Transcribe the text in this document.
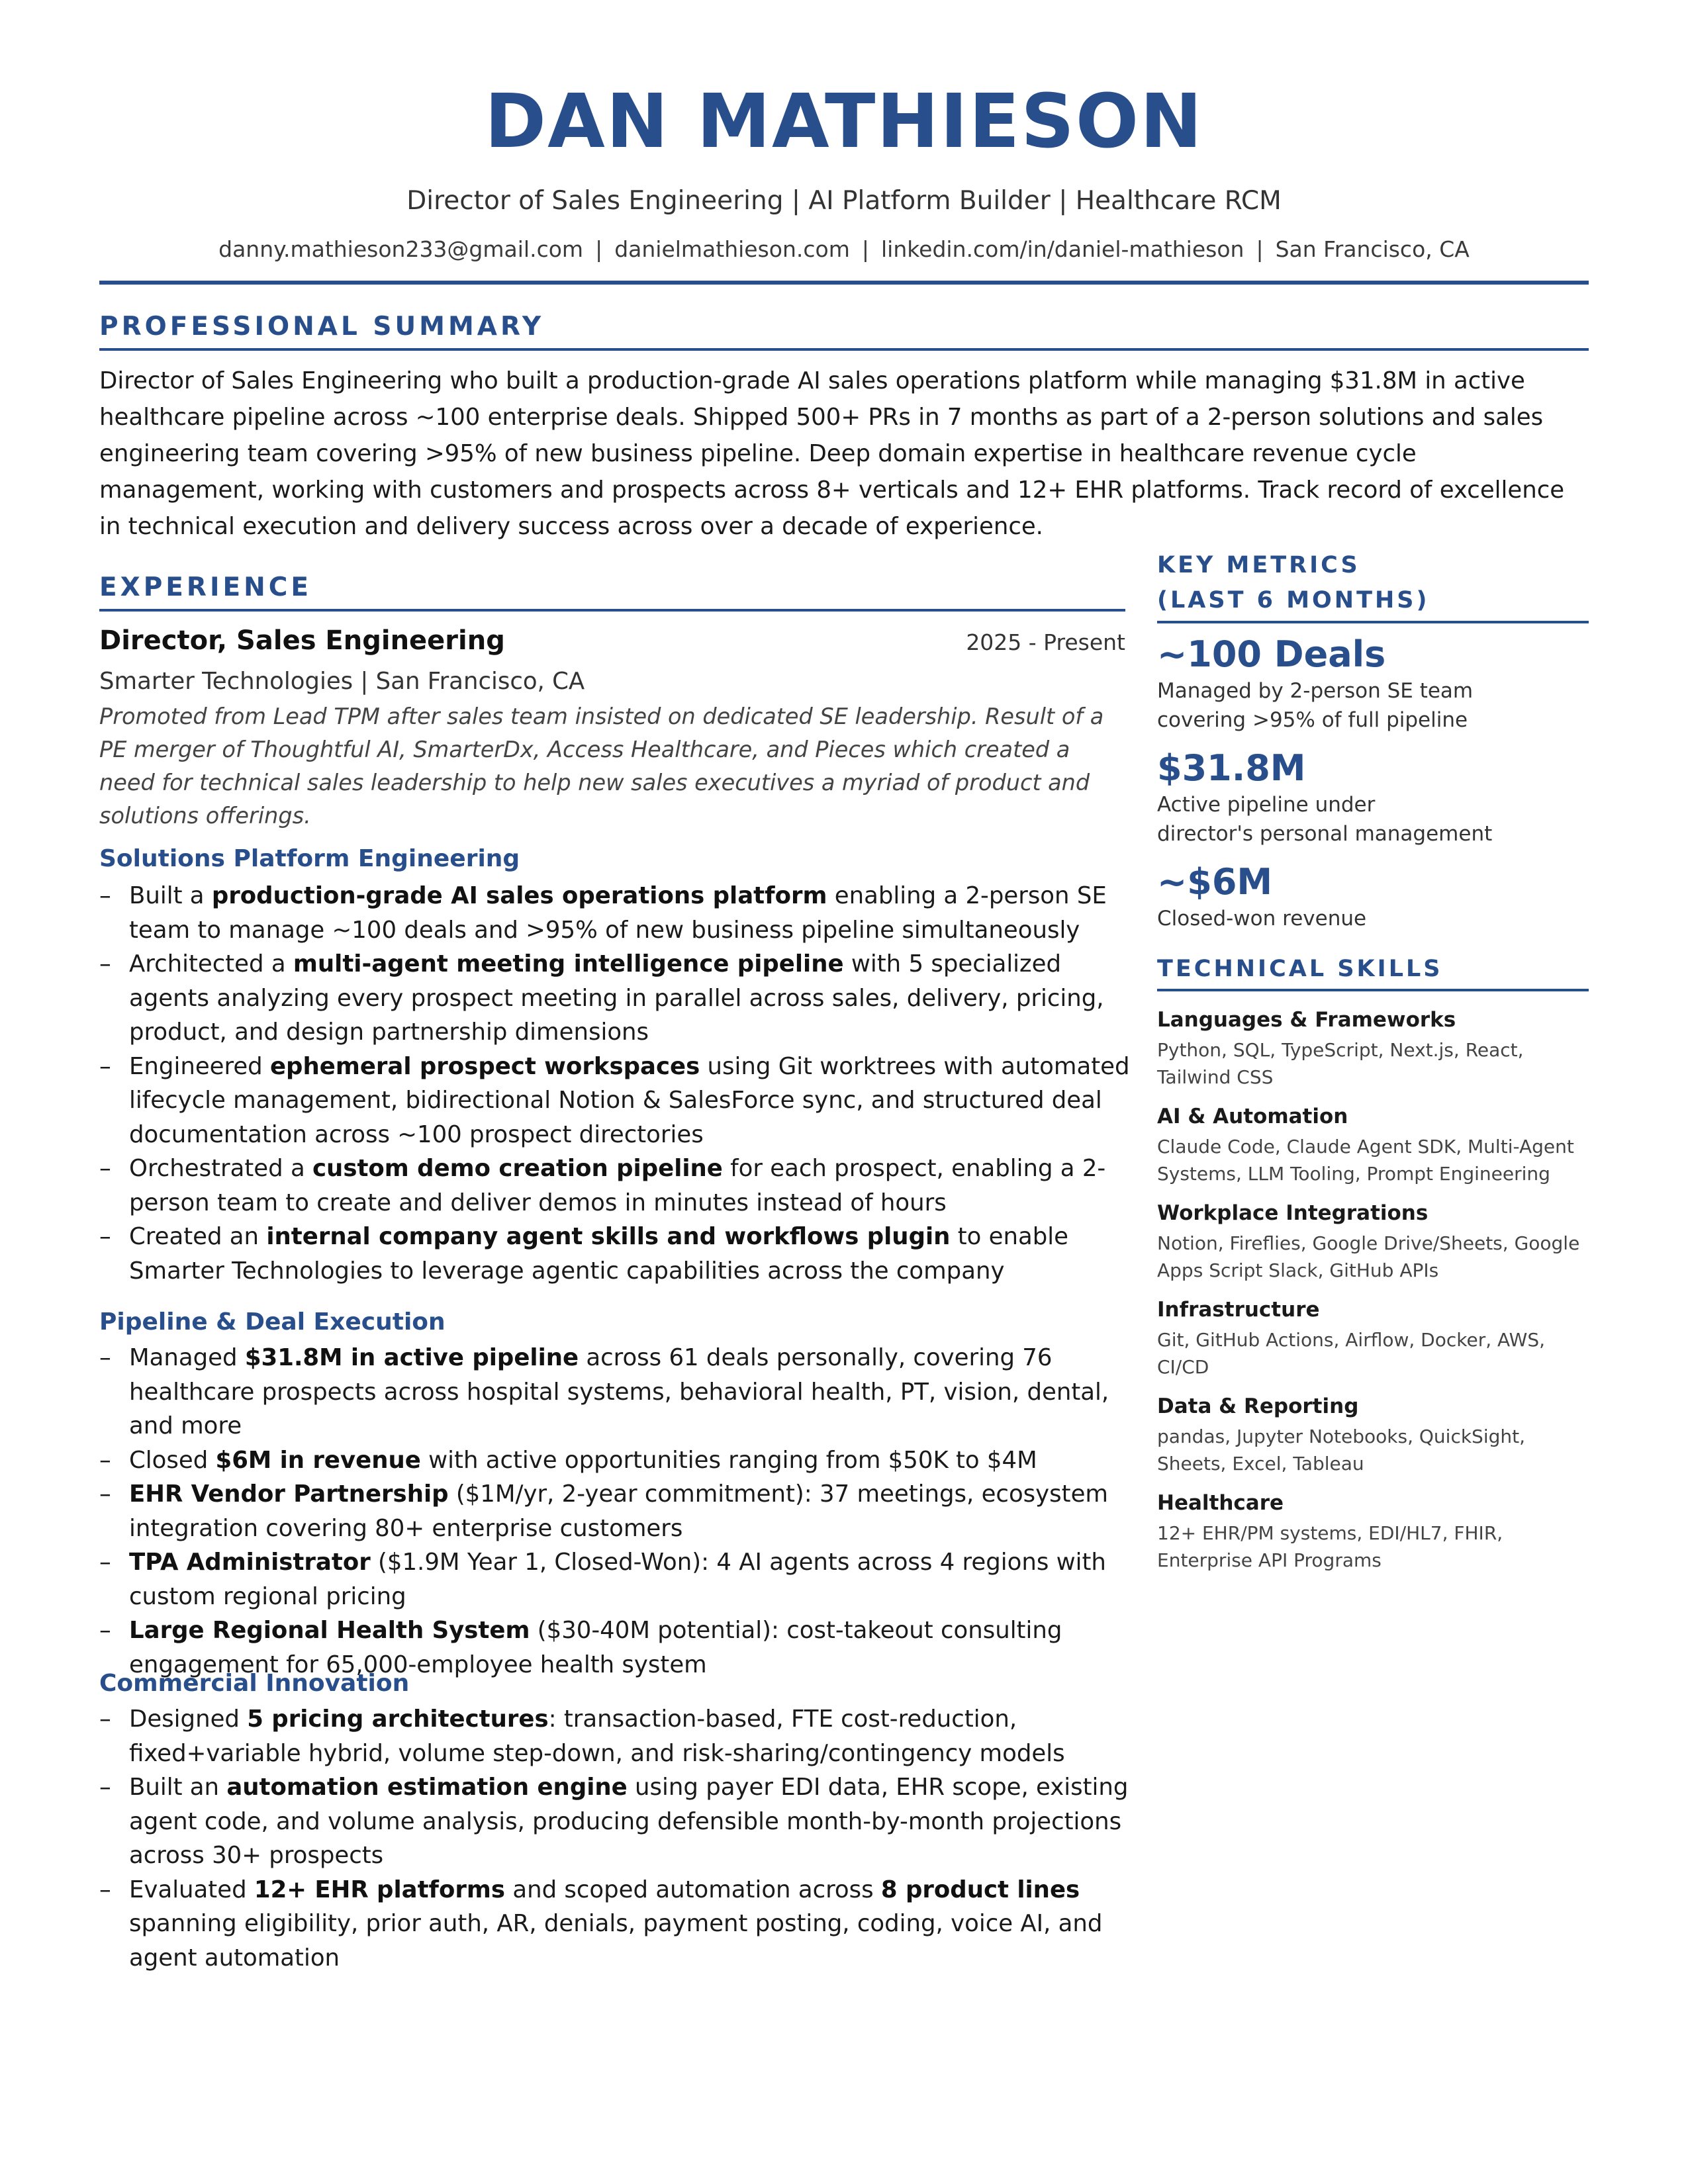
DAN MATHIESON
Director of Sales Engineering | AI Platform Builder | Healthcare RCM
danny.mathieson233@gmail.com | danielmathieson.com | linkedin.com/in/daniel-mathieson | San Francisco, CA
PROFESSIONAL SUMMARY
Director of Sales Engineering who built a production-grade AI sales operations platform while managing $31.8M in active healthcare pipeline across ~100 enterprise deals. Shipped 500+ PRs in 7 months as part of a 2-person solutions and sales engineering team covering >95% of new business pipeline. Deep domain expertise in healthcare revenue cycle management, working with customers and prospects across 8+ verticals and 12+ EHR platforms. Track record of excellence in technical execution and delivery success across over a decade of experience.
EXPERIENCE
Director, Sales Engineering	2025 - Present
Smarter Technologies | San Francisco, CA
Promoted from Lead TPM after sales team insisted on dedicated SE leadership. Result of a PE merger of Thoughtful AI, SmarterDx, Access Healthcare, and Pieces which created a need for technical sales leadership to help new sales executives a myriad of product and solutions offerings.
Solutions Platform Engineering
– Built a production-grade AI sales operations platform enabling a 2-person SE team to manage ~100 deals and >95% of new business pipeline simultaneously
– Architected a multi-agent meeting intelligence pipeline with 5 specialized agents analyzing every prospect meeting in parallel across sales, delivery, pricing, product, and design partnership dimensions
– Engineered ephemeral prospect workspaces using Git worktrees with automated lifecycle management, bidirectional Notion & SalesForce sync, and structured deal documentation across ~100 prospect directories
– Orchestrated a custom demo creation pipeline for each prospect, enabling a 2-person team to create and deliver demos in minutes instead of hours
– Created an internal company agent skills and workflows plugin to enable Smarter Technologies to leverage agentic capabilities across the company
Pipeline & Deal Execution
– Managed $31.8M in active pipeline across 61 deals personally, covering 76 healthcare prospects across hospital systems, behavioral health, PT, vision, dental, and more
– Closed $6M in revenue with active opportunities ranging from $50K to $4M
– EHR Vendor Partnership ($1M/yr, 2-year commitment): 37 meetings, ecosystem integration covering 80+ enterprise customers
– TPA Administrator ($1.9M Year 1, Closed-Won): 4 AI agents across 4 regions with custom regional pricing
– Large Regional Health System ($30-40M potential): cost-takeout consulting engagement for 65,000-employee health system
Commercial Innovation
– Designed 5 pricing architectures: transaction-based, FTE cost-reduction, fixed+variable hybrid, volume step-down, and risk-sharing/contingency models
– Built an automation estimation engine using payer EDI data, EHR scope, existing agent code, and volume analysis, producing defensible month-by-month projections across 30+ prospects
– Evaluated 12+ EHR platforms and scoped automation across 8 product lines spanning eligibility, prior auth, AR, denials, payment posting, coding, voice AI, and agent automation
KEY METRICS
(LAST 6 MONTHS)
~100 Deals
Managed by 2-person SE team
covering >95% of full pipeline
$31.8M
Active pipeline under
director's personal management
~$6M
Closed-won revenue
TECHNICAL SKILLS
Languages & Frameworks
Python, SQL, TypeScript, Next.js, React,
Tailwind CSS
AI & Automation
Claude Code, Claude Agent SDK, Multi-Agent
Systems, LLM Tooling, Prompt Engineering
Workplace Integrations
Notion, Fireflies, Google Drive/Sheets, Google
Apps Script Slack, GitHub APIs
Infrastructure
Git, GitHub Actions, Airflow, Docker, AWS,
CI/CD
Data & Reporting
pandas, Jupyter Notebooks, QuickSight,
Sheets, Excel, Tableau
Healthcare
12+ EHR/PM systems, EDI/HL7, FHIR,
Enterprise API Programs
